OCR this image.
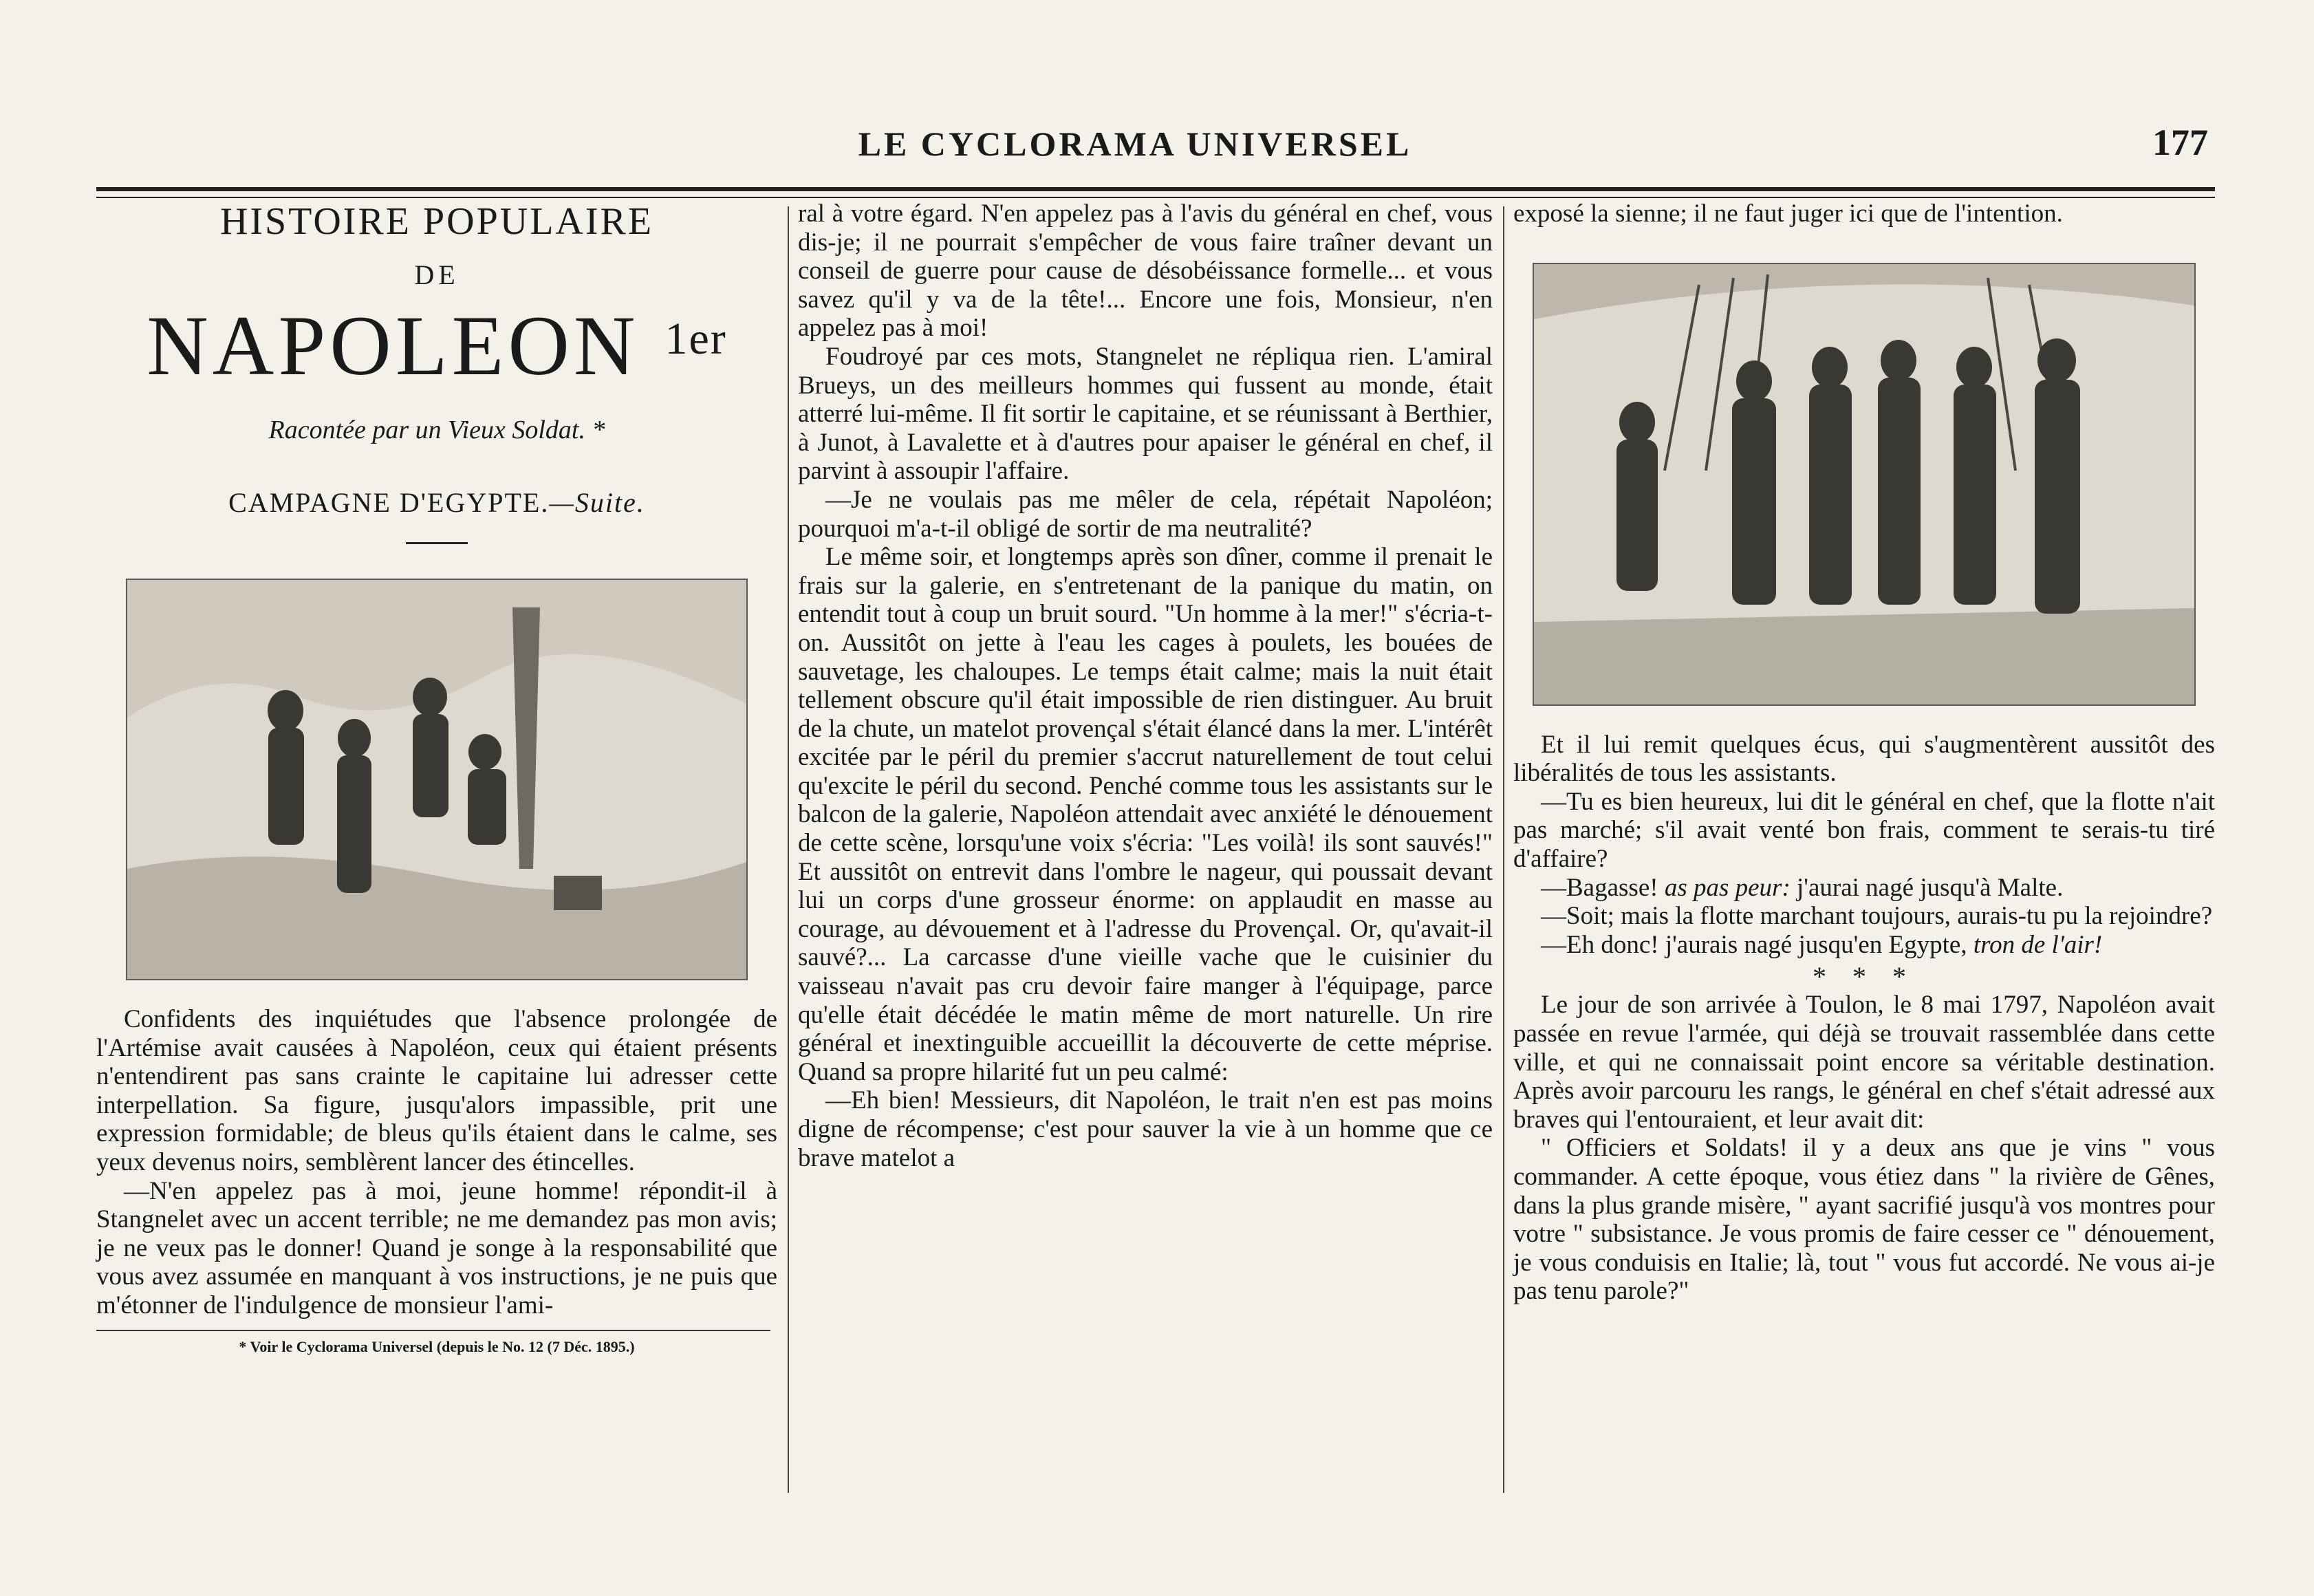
LE CYCLORAMA UNIVERSEL	177
HISTOIRE POPULAIRE
DE
NAPOLEON $^{1er}$
Racontée par un Vieux Soldat. *
CAMPAGNE D'EGYPTE.—Suite.

Confidents des inquiétudes que l'absence prolongée de l'Artémise avait causées à Napoléon, ceux qui étaient présents n'entendirent pas sans crainte le capitaine lui adresser cette interpellation. Sa figure, jusqu'alors impassible, prit une expression formidable; de bleus qu'ils étaient dans le calme, ses yeux devenus noirs, semblèrent lancer des étincelles.

—N'en appelez pas à moi, jeune homme! répondit-il à Stangnelet avec un accent terrible; ne me demandez pas mon avis; je ne veux pas le donner! Quand je songe à la responsabilité que vous avez assumée en manquant à vos instructions, je ne puis que m'étonner de l'indulgence de monsieur l'ami-

* Voir le Cyclorama Universel (depuis le No. 12 (7 Déc. 1895.)

ral à votre égard. N'en appelez pas à l'avis du général en chef, vous dis-je; il ne pourrait s'empêcher de vous faire traîner devant un conseil de guerre pour cause de désobéissance formelle... et vous savez qu'il y va de la tête!... Encore une fois, Monsieur, n'en appelez pas à moi!

Foudroyé par ces mots, Stangnelet ne répliqua rien. L'amiral Brueys, un des meilleurs hommes qui fussent au monde, était atterré lui-même. Il fit sortir le capitaine, et se réunissant à Berthier, à Junot, à Lavalette et à d'autres pour apaiser le général en chef, il parvint à assoupir l'affaire.

—Je ne voulais pas me mêler de cela, répétait Napoléon; pourquoi m'a-t-il obligé de sortir de ma neutralité?

Le même soir, et longtemps après son dîner, comme il prenait le frais sur la galerie, en s'entretenant de la panique du matin, on entendit tout à coup un bruit sourd. "Un homme à la mer!" s'écria-t-on. Aussitôt on jette à l'eau les cages à poulets, les bouées de sauvetage, les chaloupes. Le temps était calme; mais la nuit était tellement obscure qu'il était impossible de rien distinguer. Au bruit de la chute, un matelot provençal s'était élancé dans la mer. L'intérêt excitée par le péril du premier s'accrut naturellement de tout celui qu'excite le péril du second. Penché comme tous les assistants sur le balcon de la galerie, Napoléon attendait avec anxiété le dénouement de cette scène, lorsqu'une voix s'écria: "Les voilà! ils sont sauvés!" Et aussitôt on entrevit dans l'ombre le nageur, qui poussait devant lui un corps d'une grosseur énorme: on applaudit en masse au courage, au dévouement et à l'adresse du Provençal. Or, qu'avait-il sauvé?... La carcasse d'une vieille vache que le cuisinier du vaisseau n'avait pas cru devoir faire manger à l'équipage, parce qu'elle était décédée le matin même de mort naturelle. Un rire général et inextinguible accueillit la découverte de cette méprise. Quand sa propre hilarité fut un peu calmé:

—Eh bien! Messieurs, dit Napoléon, le trait n'en est pas moins digne de récompense; c'est pour sauver la vie à un homme que ce brave matelot a

exposé la sienne; il ne faut juger ici que de l'intention.

Et il lui remit quelques écus, qui s'augmentèrent aussitôt des libéralités de tous les assistants.

—Tu es bien heureux, lui dit le général en chef, que la flotte n'ait pas marché; s'il avait venté bon frais, comment te serais-tu tiré d'affaire?

—Bagasse! as pas peur: j'aurai nagé jusqu'à Malte.

—Soit; mais la flotte marchant toujours, aurais-tu pu la rejoindre?

—Eh donc! j'aurais nagé jusqu'en Egypte, tron de l'air!

* * *

Le jour de son arrivée à Toulon, le 8 mai 1797, Napoléon avait passée en revue l'armée, qui déjà se trouvait rassemblée dans cette ville, et qui ne connaissait point encore sa véritable destination. Après avoir parcouru les rangs, le général en chef s'était adressé aux braves qui l'entouraient, et leur avait dit:

" Officiers et Soldats! il y a deux ans que je vins " vous commander. A cette époque, vous étiez dans " la rivière de Gênes, dans la plus grande misère, " ayant sacrifié jusqu'à vos montres pour votre " subsistance. Je vous promis de faire cesser ce " dénouement, je vous conduisis en Italie; là, tout " vous fut accordé. Ne vous ai-je pas tenu parole?"
